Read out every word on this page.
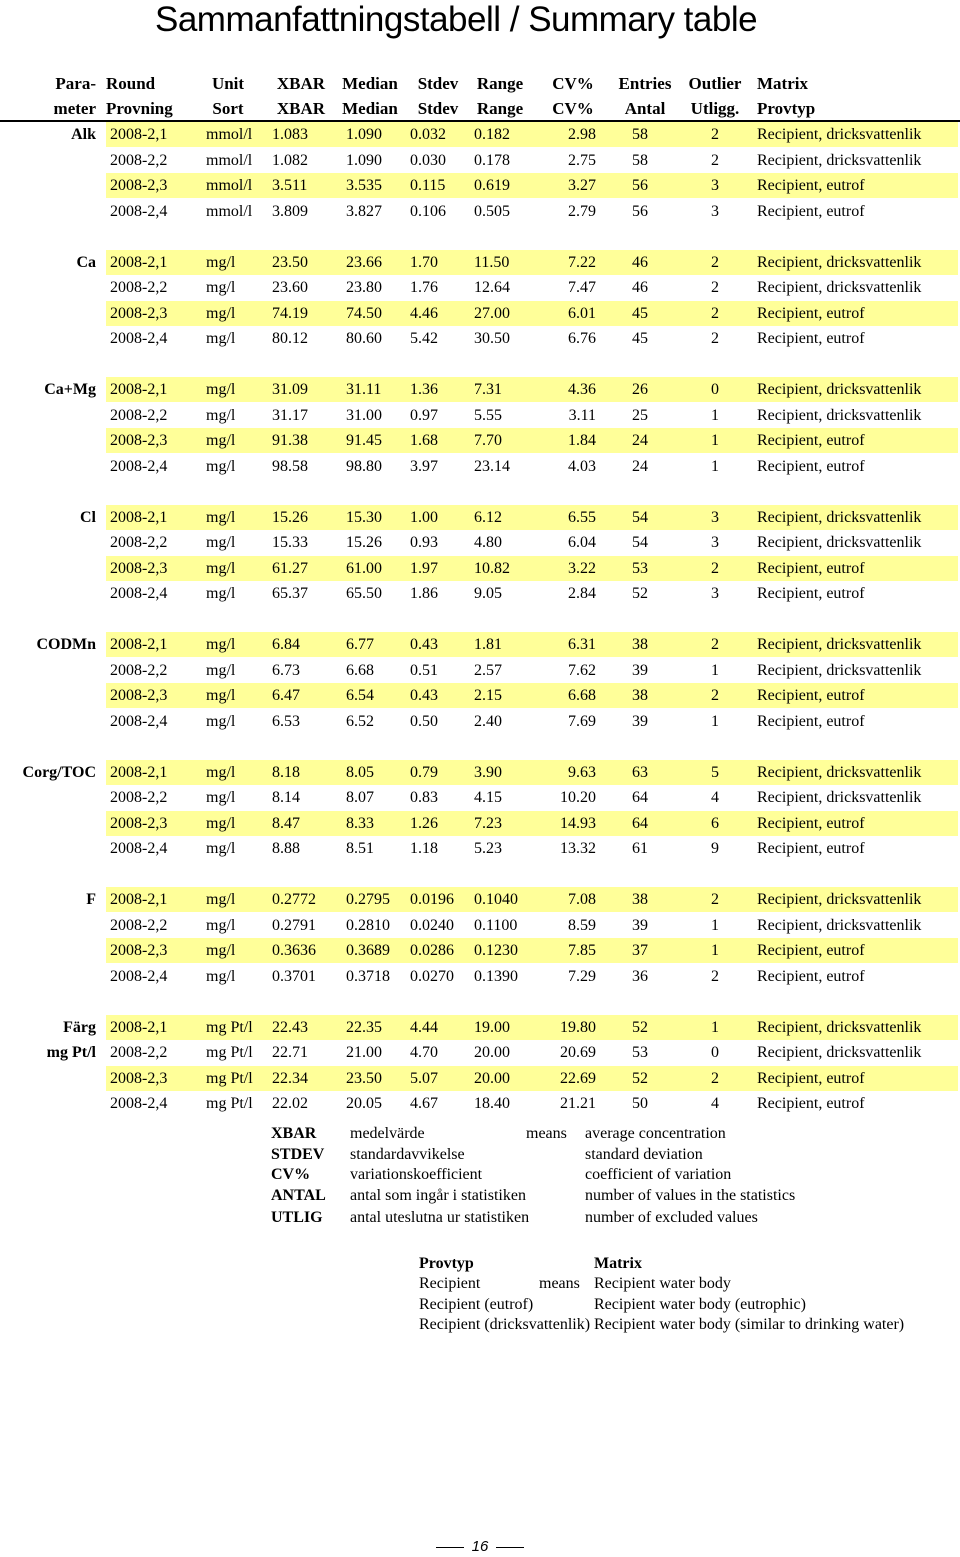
Sammanfattningstabell / Summary table
Para- Round	Unit	XBAR	Median	Stdev	Range	CV%	Entries	Outlier Matrix
meter Provning	Sort	XBAR	Median	Stdev	Range	CV%	Antal	Utligg.	Provtyp
Alk 2008-2,1	mmol/l	1.083	1.090	0.032	0.182	2.98	58	2	Recipient, dricksvattenlik
2008-2,2	mmol/l	1.082	1.090	0.030	0.178	2.75	58	2	Recipient, dricksvattenlik
2008-2,3	mmol/l	3.511	3.535	0.115	0.619	3.27	56	3	Recipient, eutrof
2008-2,4	mmol/l	3.809	3.827	0.106	0.505	2.79	56	3	Recipient, eutrof
Ca 2008-2,1	mg/l	23.50	23.66	1.70	11.50	7.22	46	2	Recipient, dricksvattenlik
2008-2,2	mg/l	23.60	23.80	1.76	12.64	7.47	46	2	Recipient, dricksvattenlik
2008-2,3	mg/l	74.19	74.50	4.46	27.00	6.01	45	2	Recipient, eutrof
2008-2,4	mg/l	80.12	80.60	5.42	30.50	6.76	45	2	Recipient, eutrof
Ca+Mg 2008-2,1	mg/l	31.09	31.11	1.36	7.31	4.36	26	0	Recipient, dricksvattenlik
2008-2,2	mg/l	31.17	31.00	0.97	5.55	3.11	25	1	Recipient, dricksvattenlik
2008-2,3	mg/l	91.38	91.45	1.68	7.70	1.84	24	1	Recipient, eutrof
2008-2,4	mg/l	98.58	98.80	3.97	23.14	4.03	24	1	Recipient, eutrof
Cl 2008-2,1	mg/l	15.26	15.30	1.00	6.12	6.55	54	3	Recipient, dricksvattenlik
2008-2,2	mg/l	15.33	15.26	0.93	4.80	6.04	54	3	Recipient, dricksvattenlik
2008-2,3	mg/l	61.27	61.00	1.97	10.82	3.22	53	2	Recipient, eutrof
2008-2,4	mg/l	65.37	65.50	1.86	9.05	2.84	52	3	Recipient, eutrof
CODMn 2008-2,1	mg/l	6.84	6.77	0.43	1.81	6.31	38	2	Recipient, dricksvattenlik
2008-2,2	mg/l	6.73	6.68	0.51	2.57	7.62	39	1	Recipient, dricksvattenlik
2008-2,3	mg/l	6.47	6.54	0.43	2.15	6.68	38	2	Recipient, eutrof
2008-2,4	mg/l	6.53	6.52	0.50	2.40	7.69	39	1	Recipient, eutrof
Corg/TOC 2008-2,1	mg/l	8.18	8.05	0.79	3.90	9.63	63	5	Recipient, dricksvattenlik
2008-2,2	mg/l	8.14	8.07	0.83	4.15	10.20	64	4	Recipient, dricksvattenlik
2008-2,3	mg/l	8.47	8.33	1.26	7.23	14.93	64	6	Recipient, eutrof
2008-2,4	mg/l	8.88	8.51	1.18	5.23	13.32	61	9	Recipient, eutrof
F 2008-2,1	mg/l	0.2772	0.2795	0.0196	0.1040	7.08	38	2	Recipient, dricksvattenlik
2008-2,2	mg/l	0.2791	0.2810	0.0240	0.1100	8.59	39	1	Recipient, dricksvattenlik
2008-2,3	mg/l	0.3636	0.3689	0.0286	0.1230	7.85	37	1	Recipient, eutrof
2008-2,4	mg/l	0.3701	0.3718	0.0270	0.1390	7.29	36	2	Recipient, eutrof
Färg 2008-2,1	mg Pt/l	22.43	22.35	4.44	19.00	19.80	52	1	Recipient, dricksvattenlik
mg Pt/l 2008-2,2	mg Pt/l	22.71	21.00	4.70	20.00	20.69	53	0	Recipient, dricksvattenlik
2008-2,3	mg Pt/l	22.34	23.50	5.07	20.00	22.69	52	2	Recipient, eutrof
2008-2,4	mg Pt/l	22.02	20.05	4.67	18.40	21.21	50	4	Recipient, eutrof
XBAR medelvärde	means average concentration
STDEV standardavvikelse	standard deviation
CV% variationskoefficient	coefficient of variation
ANTAL antal som ingår i statistiken	number of values in the statistics
UTLIG antal uteslutna ur statistiken	number of excluded values
Provtyp	Matrix
Recipient	means Recipient water body
Recipient (eutrof)	Recipient water body (eutrophic)
Recipient (dricksvattenlik) Recipient water body (similar to drinking water)
16
